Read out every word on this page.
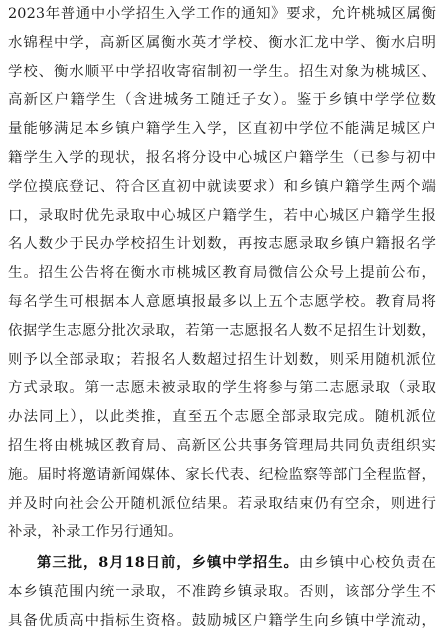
2023年普通中小学招生入学工作的通知》要求，允许桃城区属衡
水锦程中学，高新区属衡水英才学校、衡水汇龙中学、衡水启明
学校、衡水顺平中学招收寄宿制初一学生。招生对象为桃城区、
高新区户籍学生（含进城务工随迁子女）。鉴于乡镇中学学位数
量能够满足本乡镇户籍学生入学，区直初中学位不能满足城区户
籍学生入学的现状，报名将分设中心城区户籍学生（已参与初中
学位摸底登记、符合区直初中就读要求）和乡镇户籍学生两个端
口，录取时优先录取中心城区户籍学生，若中心城区户籍学生报
名人数少于民办学校招生计划数，再按志愿录取乡镇户籍报名学
生。招生公告将在衡水市桃城区教育局微信公众号上提前公布，
每名学生可根据本人意愿填报最多以上五个志愿学校。教育局将
依据学生志愿分批次录取，若第一志愿报名人数不足招生计划数，
则予以全部录取；若报名人数超过招生计划数，则采用随机派位
方式录取。第一志愿未被录取的学生将参与第二志愿录取（录取
办法同上），以此类推，直至五个志愿全部录取完成。随机派位
招生将由桃城区教育局、高新区公共事务管理局共同负责组织实
施。届时将邀请新闻媒体、家长代表、纪检监察等部门全程监督，
并及时向社会公开随机派位结果。若录取结束仍有空余，则进行
补录，补录工作另行通知。
第三批，8月18日前，乡镇中学招生。由乡镇中心校负责在
本乡镇范围内统一录取，不准跨乡镇录取。否则，该部分学生不
具备优质高中指标生资格。鼓励城区户籍学生向乡镇中学流动，
